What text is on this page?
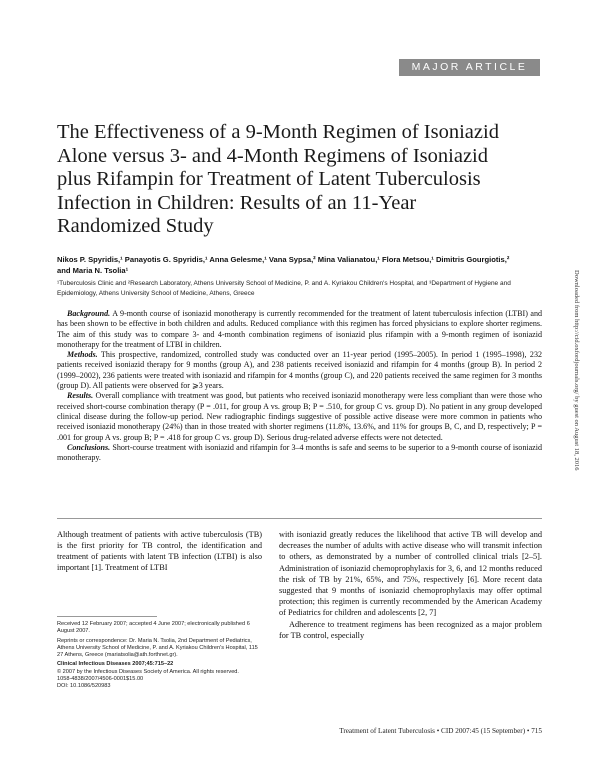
MAJOR ARTICLE
The Effectiveness of a 9-Month Regimen of Isoniazid Alone versus 3- and 4-Month Regimens of Isoniazid plus Rifampin for Treatment of Latent Tuberculosis Infection in Children: Results of an 11-Year Randomized Study
Nikos P. Spyridis,¹ Panayotis G. Spyridis,¹ Anna Gelesme,¹ Vana Sypsa,² Mina Valianatou,¹ Flora Metsou,¹ Dimitris Gourgiotis,² and Maria N. Tsolia¹
¹Tuberculosis Clinic and ²Research Laboratory, Athens University School of Medicine, P. and A. Kyriakou Children's Hospital, and ³Department of Hygiene and Epidemiology, Athens University School of Medicine, Athens, Greece

Background. A 9-month course of isoniazid monotherapy is currently recommended for the treatment of latent tuberculosis infection (LTBI) and has been shown to be effective in both children and adults. Reduced compliance with this regimen has forced physicians to explore shorter regimens. The aim of this study was to compare 3- and 4-month combination regimens of isoniazid plus rifampin with a 9-month regimen of isoniazid monotherapy for the treatment of LTBI in children.

Methods. This prospective, randomized, controlled study was conducted over an 11-year period (1995–2005). In period 1 (1995–1998), 232 patients received isoniazid therapy for 9 months (group A), and 238 patients received isoniazid and rifampin for 4 months (group B). In period 2 (1999–2002), 236 patients were treated with isoniazid and rifampin for 4 months (group C), and 220 patients received the same regimen for 3 months (group D). All patients were observed for ⩾3 years.

Results. Overall compliance with treatment was good, but patients who received isoniazid monotherapy were less compliant than were those who received short-course combination therapy (P = .011, for group A vs. group B; P = .510, for group C vs. group D). No patient in any group developed clinical disease during the follow-up period. New radiographic findings suggestive of possible active disease were more common in patients who received isoniazid monotherapy (24%) than in those treated with shorter regimens (11.8%, 13.6%, and 11% for groups B, C, and D, respectively; P = .001 for group A vs. group B; P = .418 for group C vs. group D). Serious drug-related adverse effects were not detected.

Conclusions. Short-course treatment with isoniazid and rifampin for 3–4 months is safe and seems to be superior to a 9-month course of isoniazid monotherapy.	Downloaded from http://cid.oxfordjournals.org/ by guest on August 18, 2016
Although treatment of patients with active tuberculosis (TB) is the first priority for TB control, the identification and treatment of patients with latent TB infection (LTBI) is also important [1]. Treatment of LTBI

Received 12 February 2007; accepted 4 June 2007; electronically published 6 August 2007.

Reprints or correspondence: Dr. Maria N. Tsolia, 2nd Department of Pediatrics, Athens University School of Medicine, P. and A. Kyriakou Children's Hospital, 115 27 Athens, Greece (mariatsolia@ath.forthnet.gr).

Clinical Infectious Diseases 2007;45:715–22

© 2007 by the Infectious Diseases Society of America. All rights reserved.

1058-4838/2007/4506-0001$15.00

DOI: 10.1086/520983

with isoniazid greatly reduces the likelihood that active TB will develop and decreases the number of adults with active disease who will transmit infection to others, as demonstrated by a number of controlled clinical trials [2–5]. Administration of isoniazid chemoprophylaxis for 3, 6, and 12 months reduced the risk of TB by 21%, 65%, and 75%, respectively [6]. More recent data suggested that 9 months of isoniazid chemoprophylaxis may offer optimal protection; this regimen is currently recommended by the American Academy of Pediatrics for children and adolescents [2, 7]

Adherence to treatment regimens has been recognized as a major problem for TB control, especially

Treatment of Latent Tuberculosis • CID 2007:45 (15 September) • 715
